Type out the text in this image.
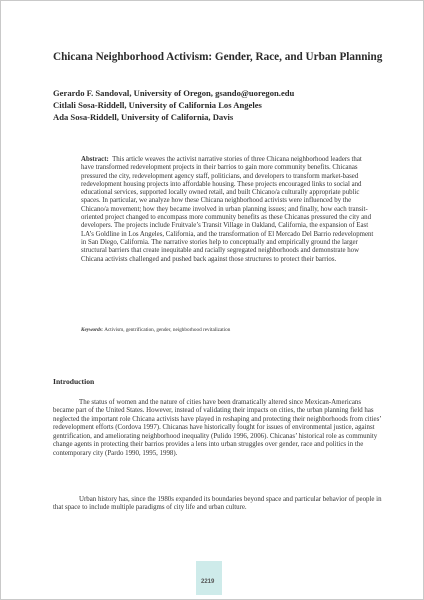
Chicana Neighborhood Activism: Gender, Race, and Urban Planning
Gerardo F. Sandoval, University of Oregon, gsando@uoregon.edu
Citlali Sosa-Riddell, University of California Los Angeles
Ada Sosa-Riddell, University of California, Davis
Abstract: This article weaves the activist narrative stories of three Chicana neighborhood leaders that have transformed redevelopment projects in their barrios to gain more community benefits. Chicanas pressured the city, redevelopment agency staff, politicians, and developers to transform market-based redevelopment housing projects into affordable housing. These projects encouraged links to social and educational services, supported locally owned retail, and built Chicano/a culturally appropriate public spaces. In particular, we analyze how these Chicana neighborhood activists were influenced by the Chicano/a movement; how they became involved in urban planning issues; and finally, how each transit-oriented project changed to encompass more community benefits as these Chicanas pressured the city and developers. The projects include Fruitvale’s Transit Village in Oakland, California, the expansion of East LA’s Goldline in Los Angeles, California, and the transformation of El Mercado Del Barrio redevelopment in San Diego, California. The narrative stories help to conceptually and empirically ground the larger structural barriers that create inequitable and racially segregated neighborhoods and demonstrate how Chicana activists challenged and pushed back against those structures to protect their barrios.
Keywords: Activism, gentrification, gender, neighborhood revitalization
Introduction
The status of women and the nature of cities have been dramatically altered since Mexican-Americans became part of the United States. However, instead of validating their impacts on cities, the urban planning field has neglected the important role Chicana activists have played in reshaping and protecting their neighborhoods from cities’ redevelopment efforts (Cordova 1997). Chicanas have historically fought for issues of environmental justice, against gentrification, and ameliorating neighborhood inequality (Pulido 1996, 2006). Chicanas’ historical role as community change agents in protecting their barrios provides a lens into urban struggles over gender, race and politics in the contemporary city (Pardo 1990, 1995, 1998).
Urban history has, since the 1980s expanded its boundaries beyond space and particular behavior of people in that space to include multiple paradigms of city life and urban culture.
2219
